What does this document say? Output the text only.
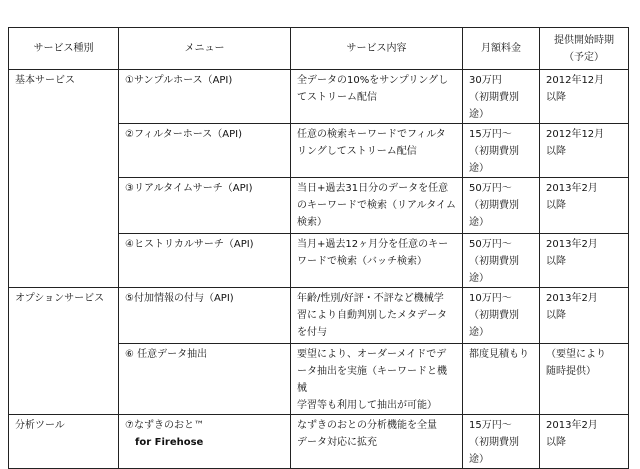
サービス種別	メニュー	サービス内容	月額料金	提供開始時期
（予定）

基本サービス	①サンプルホース（API)	全データの10%をサンプリングし
てストリーム配信	30万円
（初期費別途）	2012年12月
以降

	②フィルターホース（API)	任意の検索キーワードでフィルタ
リングしてストリーム配信	15万円～
（初期費別途）	2012年12月
以降

	③リアルタイムサーチ（API)	当日+過去31日分のデータを任意
のキーワードで検索（リアルタイム
検索）	50万円～
（初期費別途）	2013年2月
以降

	④ヒストリカルサーチ（API)	当月+過去12ヶ月分を任意のキー
ワードで検索（バッチ検索）	50万円～
（初期費別途）	2013年2月
以降

オプションサービス	⑤付加情報の付与（API)	年齢/性別/好評・不評など機械学
習により自動判別したメタデータ
を付与	10万円～
（初期費別途）	2013年2月
以降

	⑥ 任意データ抽出	要望により、オーダーメイドでデ
ータ抽出を実施（キーワードと機械
学習等も利用して抽出が可能）	都度見積もり	（要望により
随時提供）

分析ツール	⑦なずきのおと™
for Firehose	なずきのおとの分析機能を全量
データ対応に拡充	15万円～
（初期費別途）	2013年2月
以降
